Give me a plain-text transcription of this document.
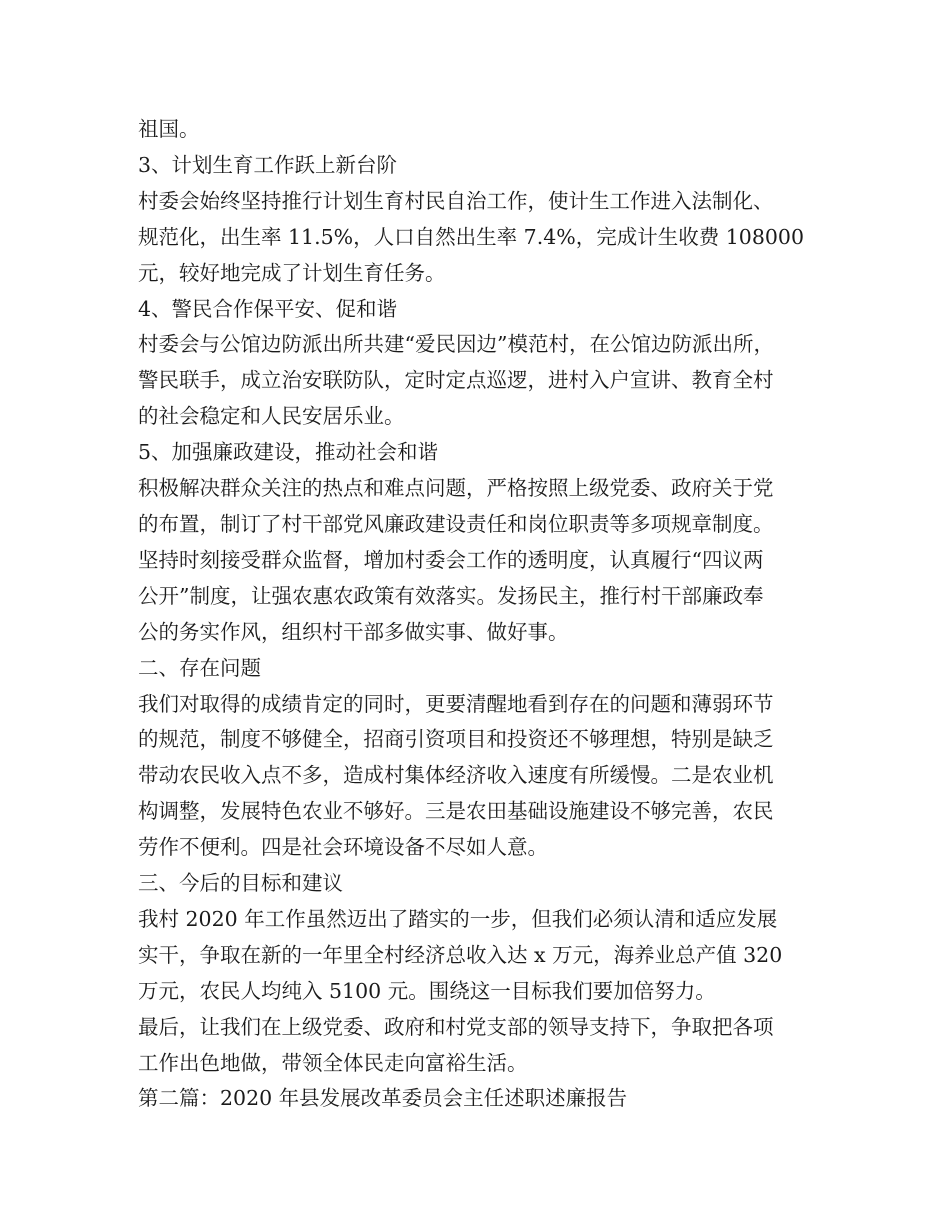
祖国。

3、计划生育工作跃上新台阶

村委会始终坚持推行计划生育村民自治工作，使计生工作进入法制化、

规范化，出生率 11.5%，人口自然出生率 7.4%，完成计生收费 108000

元，较好地完成了计划生育任务。

4、警民合作保平安、促和谐

村委会与公馆边防派出所共建“爱民因边”模范村，在公馆边防派出所，

警民联手，成立治安联防队，定时定点巡逻，进村入户宣讲、教育全村

的社会稳定和人民安居乐业。

5、加强廉政建设，推动社会和谐

积极解决群众关注的热点和难点问题，严格按照上级党委、政府关于党

的布置，制订了村干部党风廉政建设责任和岗位职责等多项规章制度。

坚持时刻接受群众监督，增加村委会工作的透明度，认真履行“四议两

公开”制度，让强农惠农政策有效落实。发扬民主，推行村干部廉政奉

公的务实作风，组织村干部多做实事、做好事。

二、存在问题

我们对取得的成绩肯定的同时，更要清醒地看到存在的问题和薄弱环节

的规范，制度不够健全，招商引资项目和投资还不够理想，特别是缺乏

带动农民收入点不多，造成村集体经济收入速度有所缓慢。二是农业机

构调整，发展特色农业不够好。三是农田基础设施建设不够完善，农民

劳作不便利。四是社会环境设备不尽如人意。

三、今后的目标和建议

我村 2020 年工作虽然迈出了踏实的一步，但我们必须认清和适应发展

实干，争取在新的一年里全村经济总收入达 x 万元，海养业总产值 320

万元，农民人均纯入 5100 元。围绕这一目标我们要加倍努力。

最后，让我们在上级党委、政府和村党支部的领导支持下，争取把各项

工作出色地做，带领全体民走向富裕生活。

第二篇：2020 年县发展改革委员会主任述职述廉报告
